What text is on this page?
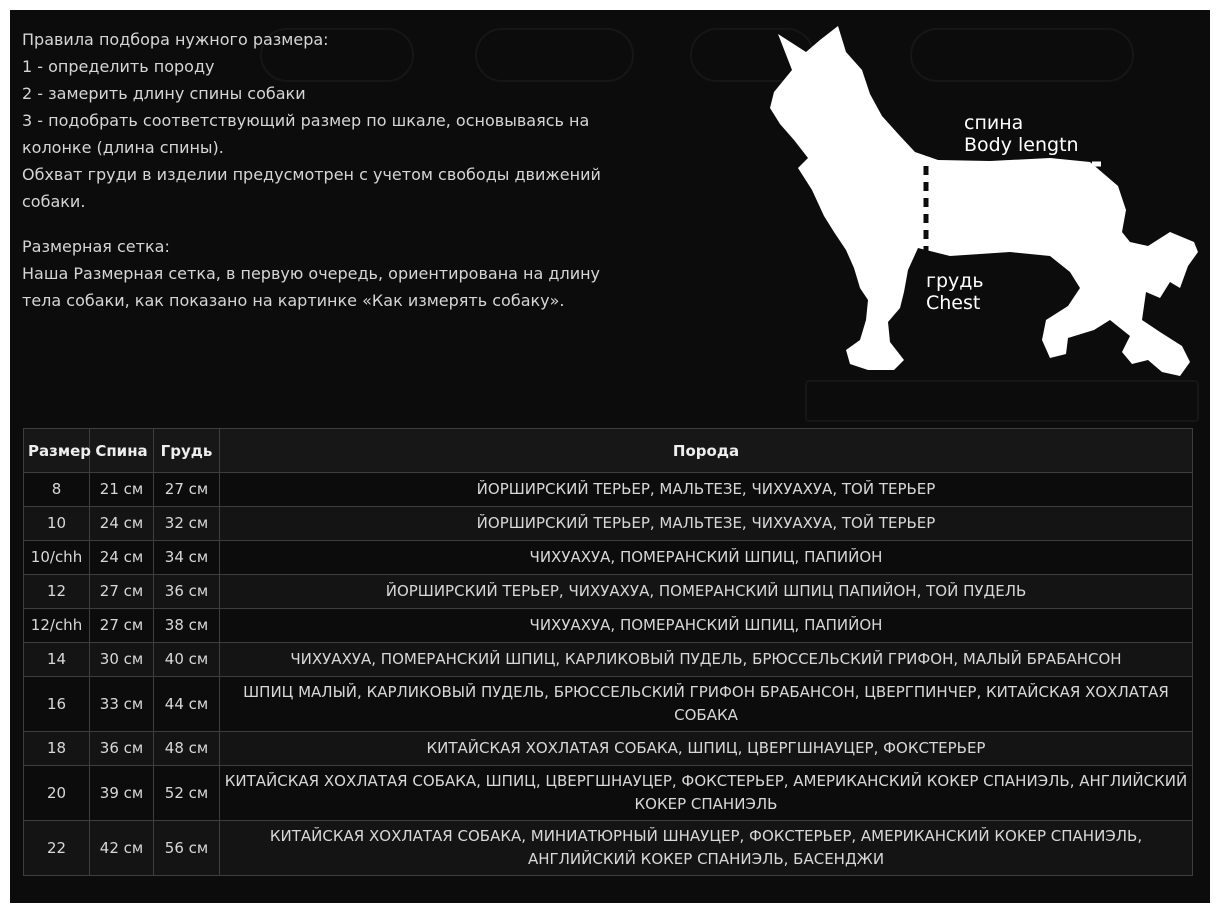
Правила подбора нужного размера:

1 - определить породу

2 - замерить длину спины собаки

3 - подобрать соответствующий размер по шкале, основываясь на колонке (длина спины).

Обхват груди в изделии предусмотрен с учетом свободы движений собаки.

Размерная сетка:

Наша Размерная сетка, в первую очередь, ориентирована на длину тела собаки, как показано на картинке «Как измерять собаку».

спина
Body lengtn
грудь
Chest
Размер	Спина	Грудь	Порода
8	21 см	27 см	ЙОРШИРСКИЙ ТЕРЬЕР, МАЛЬТЕЗЕ, ЧИХУАХУА, ТОЙ ТЕРЬЕР
10	24 см	32 см	ЙОРШИРСКИЙ ТЕРЬЕР, МАЛЬТЕЗЕ, ЧИХУАХУА, ТОЙ ТЕРЬЕР
10/chh	24 см	34 см	ЧИХУАХУА, ПОМЕРАНСКИЙ ШПИЦ, ПАПИЙОН
12	27 см	36 см	ЙОРШИРСКИЙ ТЕРЬЕР, ЧИХУАХУА, ПОМЕРАНСКИЙ ШПИЦ ПАПИЙОН, ТОЙ ПУДЕЛЬ
12/chh	27 см	38 см	ЧИХУАХУА, ПОМЕРАНСКИЙ ШПИЦ, ПАПИЙОН
14	30 см	40 см	ЧИХУАХУА, ПОМЕРАНСКИЙ ШПИЦ, КАРЛИКОВЫЙ ПУДЕЛЬ, БРЮССЕЛЬСКИЙ ГРИФОН, МАЛЫЙ БРАБАНСОН
16	33 см	44 см	ШПИЦ МАЛЫЙ, КАРЛИКОВЫЙ ПУДЕЛЬ, БРЮССЕЛЬСКИЙ ГРИФОН БРАБАНСОН, ЦВЕРГПИНЧЕР, КИТАЙСКАЯ ХОХЛАТАЯ СОБАКА
18	36 см	48 см	КИТАЙСКАЯ ХОХЛАТАЯ СОБАКА, ШПИЦ, ЦВЕРГШНАУЦЕР, ФОКСТЕРЬЕР
20	39 см	52 см	КИТАЙСКАЯ ХОХЛАТАЯ СОБАКА, ШПИЦ, ЦВЕРГШНАУЦЕР, ФОКСТЕРЬЕР, АМЕРИКАНСКИЙ КОКЕР СПАНИЭЛЬ, АНГЛИЙСКИЙ КОКЕР СПАНИЭЛЬ
22	42 см	56 см	КИТАЙСКАЯ ХОХЛАТАЯ СОБАКА, МИНИАТЮРНЫЙ ШНАУЦЕР, ФОКСТЕРЬЕР, АМЕРИКАНСКИЙ КОКЕР СПАНИЭЛЬ, АНГЛИЙСКИЙ КОКЕР СПАНИЭЛЬ, БАСЕНДЖИ
